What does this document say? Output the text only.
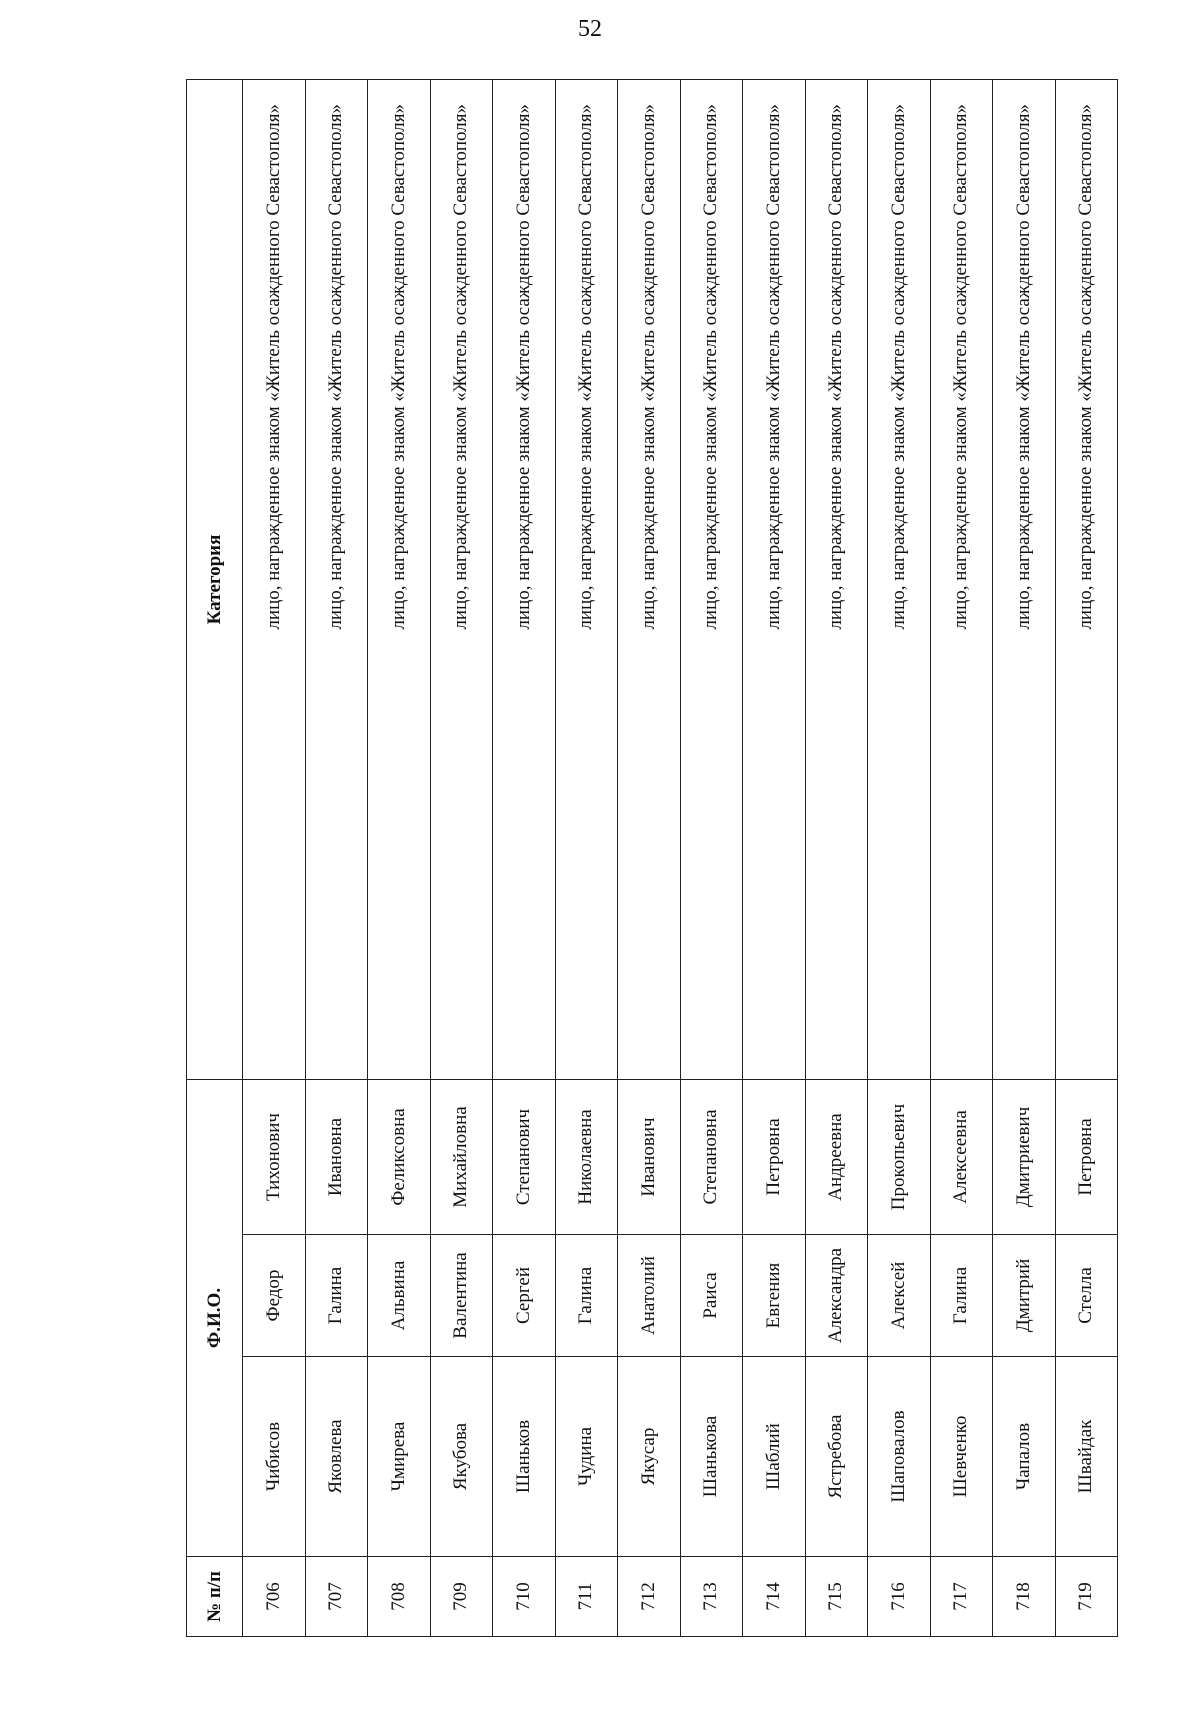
52
№ п/п	Ф.И.О.			Категория
706	Чибисов	Федор	Тихонович	лицо, награжденное знаком «Житель осажденного Севастополя»
707	Яковлева	Галина	Ивановна	лицо, награжденное знаком «Житель осажденного Севастополя»
708	Чмирева	Альвина	Феликсовна	лицо, награжденное знаком «Житель осажденного Севастополя»
709	Якубова	Валентина	Михайловна	лицо, награжденное знаком «Житель осажденного Севастополя»
710	Шаньков	Сергей	Степанович	лицо, награжденное знаком «Житель осажденного Севастополя»
711	Чудина	Галина	Николаевна	лицо, награжденное знаком «Житель осажденного Севастополя»
712	Якусар	Анатолий	Иванович	лицо, награжденное знаком «Житель осажденного Севастополя»
713	Шанькова	Раиса	Степановна	лицо, награжденное знаком «Житель осажденного Севастополя»
714	Шаблий	Евгения	Петровна	лицо, награжденное знаком «Житель осажденного Севастополя»
715	Ястребова	Александра	Андреевна	лицо, награжденное знаком «Житель осажденного Севастополя»
716	Шаповалов	Алексей	Прокопьевич	лицо, награжденное знаком «Житель осажденного Севастополя»
717	Шевченко	Галина	Алексеевна	лицо, награжденное знаком «Житель осажденного Севастополя»
718	Чапалов	Дмитрий	Дмитриевич	лицо, награжденное знаком «Житель осажденного Севастополя»
719	Швайдак	Стелла	Петровна	лицо, награжденное знаком «Житель осажденного Севастополя»
